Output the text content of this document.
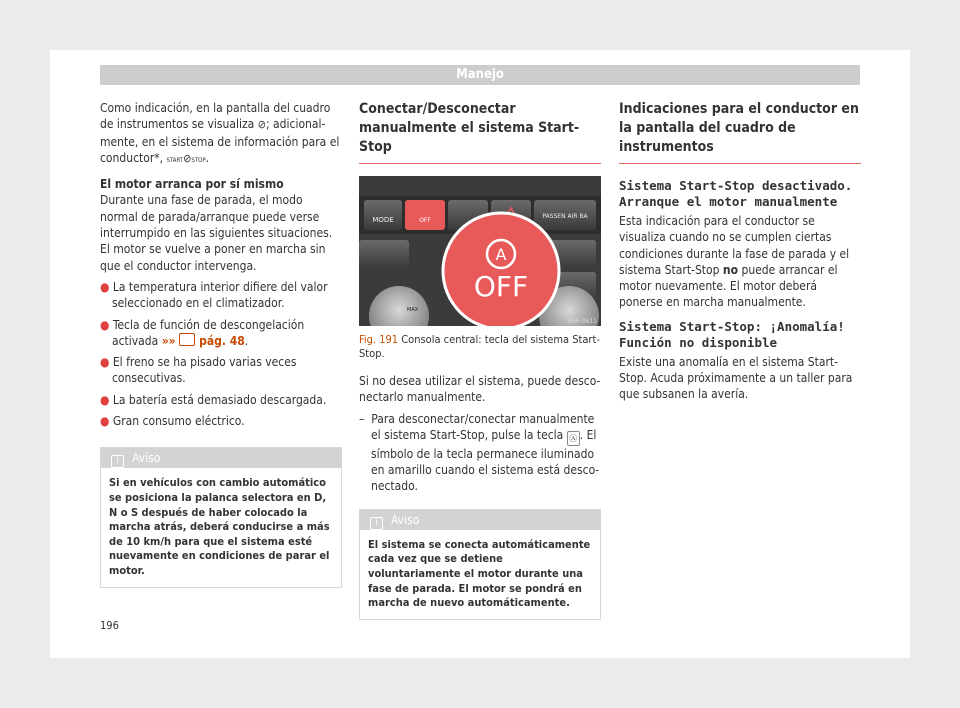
Manejo

Como indicación, en la pantalla del cuadro de instrumentos se visualiza ⊘; adicionalmente, en el sistema de información para el conductor*, START⊘STOP.

El motor arranca por sí mismo

Durante una fase de parada, el modo normal de parada/arranque puede verse interrumpido en las siguientes situaciones. El motor se vuelve a poner en marcha sin que el conductor intervenga.

● La temperatura interior difiere del valor seleccionado en el climatizador.
● Tecla de función de descongelación activada »» pág. 48.
● El freno se ha pisado varias veces consecutivas.
● La batería está demasiado descargada.
● Gran consumo eléctrico.
i Aviso
Si en vehículos con cambio automático se posiciona la palanca selectora en D, N o S después de haber colocado la marcha atrás, deberá conducirse a más de 10 km/h para que el sistema esté nuevamente en condiciones de parar el motor.
Conectar/Desconectar manualmente el sistema Start-Stop
MODE	OFF
PASSEN AIR BA
MAX
A
OFF
B5F-0611

Fig. 191 Consola central: tecla del sistema Start-Stop.

Si no desea utilizar el sistema, puede desconectarlo manualmente.

–  Para desconectar/conectar manualmente el sistema Start-Stop, pulse la tecla Ⓐ . El símbolo de la tecla permanece iluminado en amarillo cuando el sistema está desconectado.
i Aviso
El sistema se conecta automáticamente cada vez que se detiene voluntariamente el motor durante una fase de parada. El motor se pondrá en marcha de nuevo automáticamente.
Indicaciones para el conductor en la pantalla del cuadro de instrumentos

Sistema Start-Stop desactivado. Arranque el motor manualmente

Esta indicación para el conductor se visualiza cuando no se cumplen ciertas condiciones durante la fase de parada y el sistema Start-Stop no puede arrancar el motor nuevamente. El motor deberá ponerse en marcha manualmente.

Sistema Start-Stop: ¡Anomalía! Función no disponible

Existe una anomalía en el sistema Start-Stop. Acuda próximamente a un taller para que subsanen la avería.

196
